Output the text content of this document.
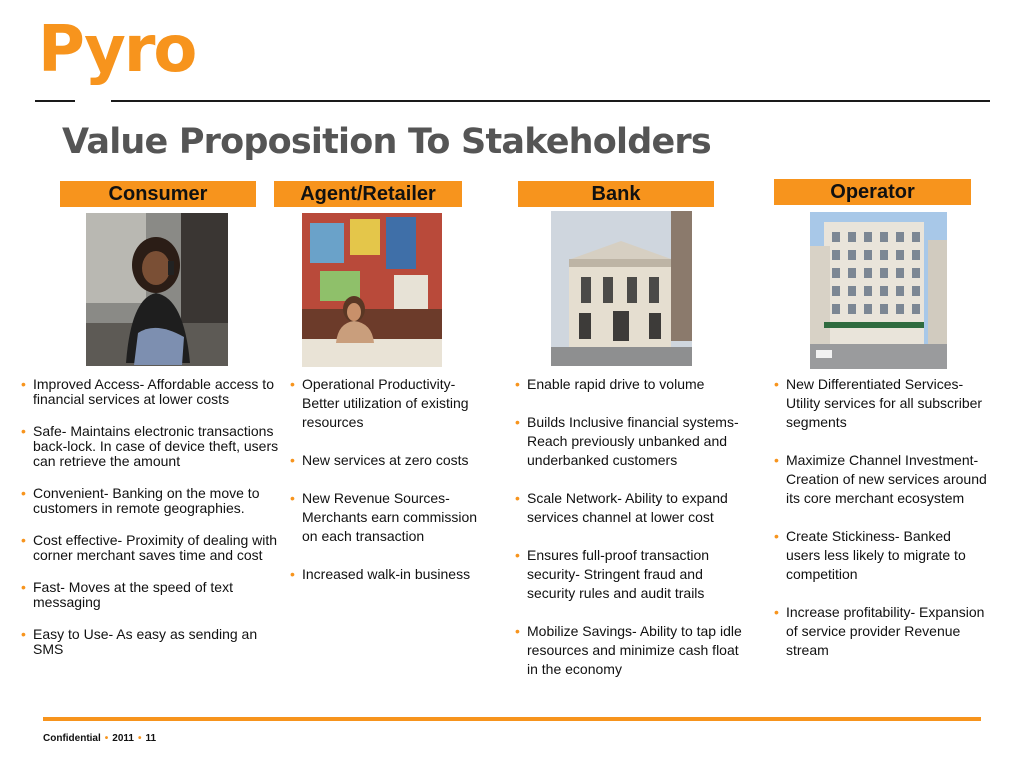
Pyro
Value Proposition To Stakeholders
Consumer	Agent/Retailer	Bank	Operator
• Improved Access- Affordable access to financial services at lower costs
• Safe- Maintains electronic transactions back-lock. In case of device theft, users can retrieve the amount
• Convenient- Banking on the move to customers in remote geographies.
• Cost effective- Proximity of dealing with corner merchant saves time and cost
• Fast- Moves at the speed of text messaging
• Easy to Use- As easy as sending an SMS
• Operational Productivity- Better utilization of existing resources
• New services at zero costs
• New Revenue Sources- Merchants earn commission on each transaction
• Increased walk-in business
• Enable rapid drive to volume
• Builds Inclusive financial systems- Reach previously unbanked and underbanked customers
• Scale Network- Ability to expand services channel at lower cost
• Ensures full-proof transaction security- Stringent fraud and security rules and audit trails
• Mobilize Savings- Ability to tap idle resources and minimize cash float in the economy
• New Differentiated Services- Utility services for all subscriber segments
• Maximize Channel Investment- Creation of new services around its core merchant ecosystem
• Create Stickiness- Banked users less likely to migrate to competition
• Increase profitability- Expansion of service provider Revenue stream
Confidential • 2011 • 11
